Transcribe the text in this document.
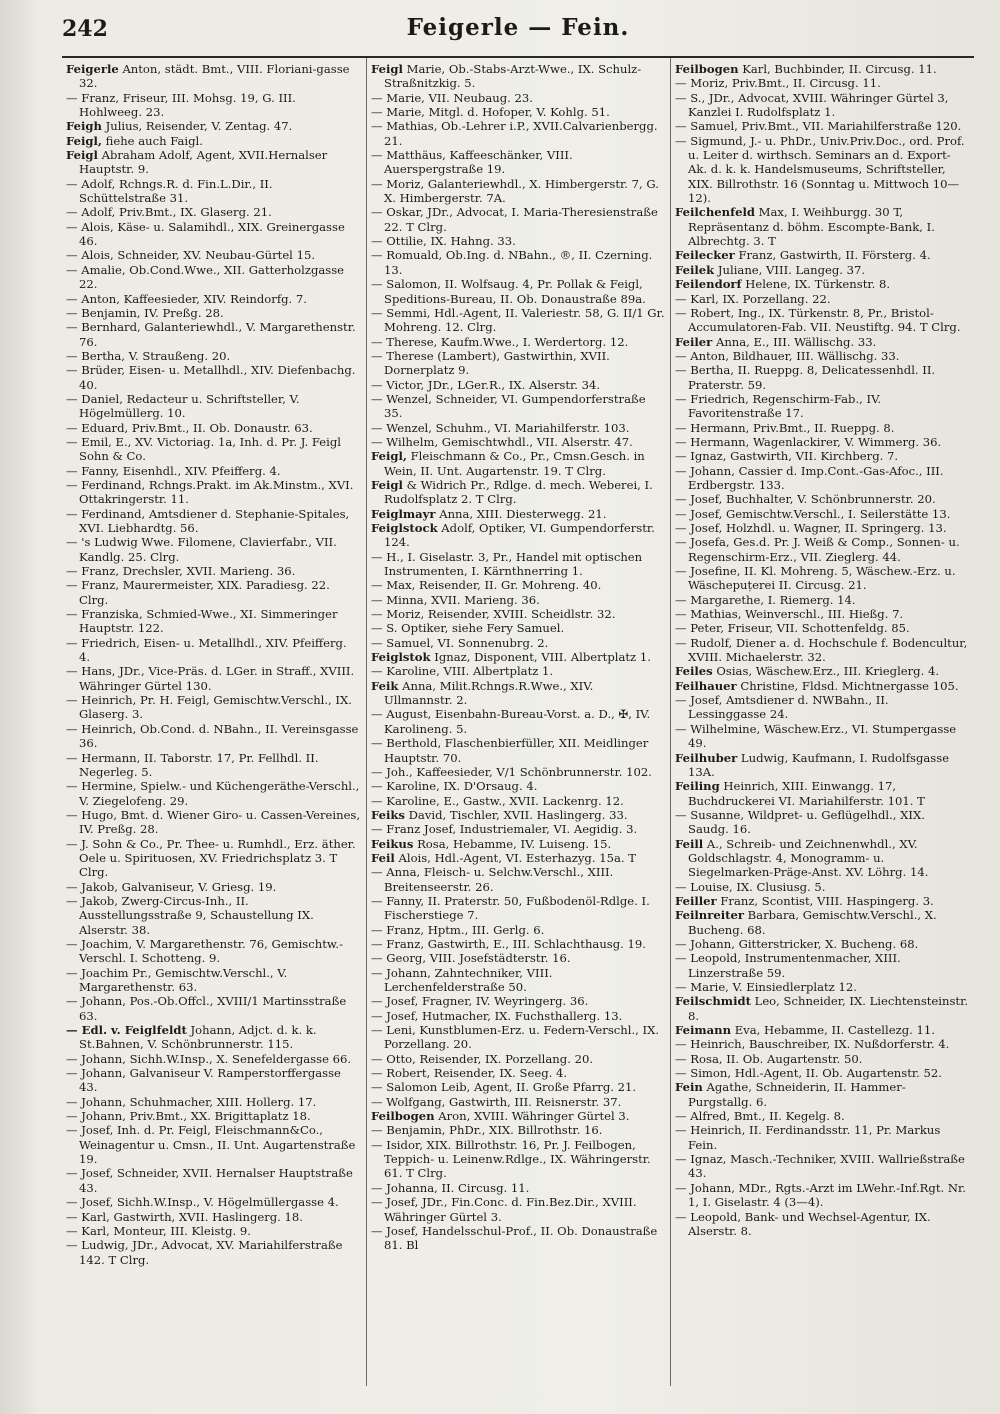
242	Feigerle — Fein.
Feigerle Anton, städt. Bmt., VIII. Floriani-gasse 32.
— Franz, Friseur, III. Mohsg. 19, G. III. Hohlweeg. 23.
Feigh Julius, Reisender, V. Zentag. 47.
Feigl, fiehe auch Faigl.
Feigl Abraham Adolf, Agent, XVII.Hernalser Hauptstr. 9.
— Adolf, Rchngs.R. d. Fin.L.Dir., II. Schüttelstraße 31.
— Adolf, Priv.Bmt., IX. Glaserg. 21.
— Alois, Käse- u. Salamihdl., XIX. Greinergasse 46.
— Alois, Schneider, XV. Neubau-Gürtel 15.
— Amalie, Ob.Cond.Wwe., XII. Gatterholzgasse 22.
— Anton, Kaffeesieder, XIV. Reindorfg. 7.
— Benjamin, IV. Preßg. 28.
— Bernhard, Galanteriewhdl., V. Margarethenstr. 76.
— Bertha, V. Straußeng. 20.
— Brüder, Eisen- u. Metallhdl., XIV. Diefenbachg. 40.
— Daniel, Redacteur u. Schriftsteller, V. Högelmüllerg. 10.
— Eduard, Priv.Bmt., II. Ob. Donaustr. 63.
— Emil, E., XV. Victoriag. 1a, Inh. d. Pr. J. Feigl Sohn & Co.
— Fanny, Eisenhdl., XIV. Pfeifferg. 4.
— Ferdinand, Rchngs.Prakt. im Ak.Minstm., XVI. Ottakringerstr. 11.
— Ferdinand, Amtsdiener d. Stephanie-Spitales, XVI. Liebhardtg. 56.
— 's Ludwig Wwe. Filomene, Clavierfabr., VII. Kandlg. 25. Clrg.
— Franz, Drechsler, XVII. Marieng. 36.
— Franz, Maurermeister, XIX. Paradiesg. 22. Clrg.
— Franziska, Schmied-Wwe., XI. Simmeringer Hauptstr. 122.
— Friedrich, Eisen- u. Metallhdl., XIV. Pfeifferg. 4.
— Hans, JDr., Vice-Präs. d. LGer. in Straff., XVIII. Währinger Gürtel 130.
— Heinrich, Pr. H. Feigl, Gemischtw.Verschl., IX. Glaserg. 3.
— Heinrich, Ob.Cond. d. NBahn., II. Vereinsgasse 36.
— Hermann, II. Taborstr. 17, Pr. Fellhdl. II. Negerleg. 5.
— Hermine, Spielw.- und Küchengeräthe-Verschl., V. Ziegelofeng. 29.
— Hugo, Bmt. d. Wiener Giro- u. Cassen-Vereines, IV. Preßg. 28.
— J. Sohn & Co., Pr. Thee- u. Rumhdl., Erz. äther. Oele u. Spirituosen, XV. Friedrichsplatz 3. T Clrg.
— Jakob, Galvaniseur, V. Griesg. 19.
— Jakob, Zwerg-Circus-Inh., II. Ausstellungsstraße 9, Schaustellung IX. Alserstr. 38.
— Joachim, V. Margarethenstr. 76, Gemischtw.-Verschl. I. Schotteng. 9.
— Joachim Pr., Gemischtw.Verschl., V. Margarethenstr. 63.
— Johann, Pos.-Ob.Offcl., XVIII/1 Martinsstraße 63.
— Edl. v. Feiglfeldt Johann, Adjct. d. k. k. St.Bahnen, V. Schönbrunnerstr. 115.
— Johann, Sichh.W.Insp., X. Senefeldergasse 66.
— Johann, Galvaniseur V. Ramperstorffergasse 43.
— Johann, Schuhmacher, XIII. Hollerg. 17.
— Johann, Priv.Bmt., XX. Brigittaplatz 18.
— Josef, Inh. d. Pr. Feigl, Fleischmann&Co., Weinagentur u. Cmsn., II. Unt. Augartenstraße 19.
— Josef, Schneider, XVII. Hernalser Hauptstraße 43.
— Josef, Sichh.W.Insp., V. Högelmüllergasse 4.
— Karl, Gastwirth, XVII. Haslingerg. 18.
— Karl, Monteur, III. Kleistg. 9.
— Ludwig, JDr., Advocat, XV. Mariahilferstraße 142. T Clrg.
Feigl Marie, Ob.-Stabs-Arzt-Wwe., IX. Schulz-Straßnitzkig. 5.
— Marie, VII. Neubaug. 23.
— Marie, Mitgl. d. Hofoper, V. Kohlg. 51.
— Mathias, Ob.-Lehrer i.P., XVII.Calvarienbergg. 21.
— Matthäus, Kaffeeschänker, VIII. Auerspergstraße 19.
— Moriz, Galanteriewhdl., X. Himbergerstr. 7, G. X. Himbergerstr. 7A.
— Oskar, JDr., Advocat, I. Maria-Theresienstraße 22. T Clrg.
— Ottilie, IX. Hahng. 33.
— Romuald, Ob.Ing. d. NBahn., ®, II. Czerning. 13.
— Salomon, II. Wolfsaug. 4, Pr. Pollak & Feigl, Speditions-Bureau, II. Ob. Donaustraße 89a.
— Semmi, Hdl.-Agent, II. Valeriestr. 58, G. II/1 Gr. Mohreng. 12. Clrg.
— Therese, Kaufm.Wwe., I. Werdertorg. 12.
— Therese (Lambert), Gastwirthin, XVII. Dornerplatz 9.
— Victor, JDr., LGer.R., IX. Alserstr. 34.
— Wenzel, Schneider, VI. Gumpendorferstraße 35.
— Wenzel, Schuhm., VI. Mariahilferstr. 103.
— Wilhelm, Gemischtwhdl., VII. Alserstr. 47.
Feigl, Fleischmann & Co., Pr., Cmsn.Gesch. in Wein, II. Unt. Augartenstr. 19. T Clrg.
Feigl & Widrich Pr., Rdlge. d. mech. Weberei, I. Rudolfsplatz 2. T Clrg.
Feiglmayr Anna, XIII. Diesterwegg. 21.
Feiglstock Adolf, Optiker, VI. Gumpendorferstr. 124.
— H., I. Giselastr. 3, Pr., Handel mit optischen Instrumenten, I. Kärnthnerring 1.
— Max, Reisender, II. Gr. Mohreng. 40.
— Minna, XVII. Marieng. 36.
— Moriz, Reisender, XVIII. Scheidlstr. 32.
— S. Optiker, siehe Fery Samuel.
— Samuel, VI. Sonnenubrg. 2.
Feiglstok Ignaz, Disponent, VIII. Albertplatz 1.
— Karoline, VIII. Albertplatz 1.
Feik Anna, Milit.Rchngs.R.Wwe., XIV. Ullmannstr. 2.
— August, Eisenbahn-Bureau-Vorst. a. D., ✠, IV. Karolineng. 5.
— Berthold, Flaschenbierfüller, XII. Meidlinger Hauptstr. 70.
— Joh., Kaffeesieder, V/1 Schönbrunnerstr. 102.
— Karoline, IX. D'Orsaug. 4.
— Karoline, E., Gastw., XVII. Lackenrg. 12.
Feiks David, Tischler, XVII. Haslingerg. 33.
— Franz Josef, Industriemaler, VI. Aegidig. 3.
Feikus Rosa, Hebamme, IV. Luiseng. 15.
Feil Alois, Hdl.-Agent, VI. Esterhazyg. 15a. T
— Anna, Fleisch- u. Selchw.Verschl., XIII. Breitenseerstr. 26.
— Fanny, II. Praterstr. 50, Fußbodenöl-Rdlge. I. Fischerstiege 7.
— Franz, Hptm., III. Gerlg. 6.
— Franz, Gastwirth, E., III. Schlachthausg. 19.
— Georg, VIII. Josefstädterstr. 16.
— Johann, Zahntechniker, VIII. Lerchenfelderstraße 50.
— Josef, Fragner, IV. Weyringerg. 36.
— Josef, Hutmacher, IX. Fuchsthallerg. 13.
— Leni, Kunstblumen-Erz. u. Federn-Verschl., IX. Porzellang. 20.
— Otto, Reisender, IX. Porzellang. 20.
— Robert, Reisender, IX. Seeg. 4.
— Salomon Leib, Agent, II. Große Pfarrg. 21.
— Wolfgang, Gastwirth, III. Reisnerstr. 37.
Feilbogen Aron, XVIII. Währinger Gürtel 3.
— Benjamin, PhDr., XIX. Billrothstr. 16.
— Isidor, XIX. Billrothstr. 16, Pr. J. Feilbogen, Teppich- u. Leinenw.Rdlge., IX. Währingerstr. 61. T Clrg.
— Johanna, II. Circusg. 11.
— Josef, JDr., Fin.Conc. d. Fin.Bez.Dir., XVIII. Währinger Gürtel 3.
— Josef, Handelsschul-Prof., II. Ob. Donaustraße 81. Bl
Feilbogen Karl, Buchbinder, II. Circusg. 11.
— Moriz, Priv.Bmt., II. Circusg. 11.
— S., JDr., Advocat, XVIII. Währinger Gürtel 3, Kanzlei I. Rudolfsplatz 1.
— Samuel, Priv.Bmt., VII. Mariahilferstraße 120.
— Sigmund, J.- u. PhDr., Univ.Priv.Doc., ord. Prof. u. Leiter d. wirthsch. Seminars an d. Export-Ak. d. k. k. Handelsmuseums, Schriftsteller, XIX. Billrothstr. 16 (Sonntag u. Mittwoch 10—12).
Feilchenfeld Max, I. Weihburgg. 30 T, Repräsentanz d. böhm. Escompte-Bank, I. Albrechtg. 3. T
Feilecker Franz, Gastwirth, II. Försterg. 4.
Feilek Juliane, VIII. Langeg. 37.
Feilendorf Helene, IX. Türkenstr. 8.
— Karl, IX. Porzellang. 22.
— Robert, Ing., IX. Türkenstr. 8, Pr., Bristol-Accumulatoren-Fab. VII. Neustiftg. 94. T Clrg.
Feiler Anna, E., III. Wällischg. 33.
— Anton, Bildhauer, III. Wällischg. 33.
— Bertha, II. Rueppg. 8, Delicatessenhdl. II. Praterstr. 59.
— Friedrich, Regenschirm-Fab., IV. Favoritenstraße 17.
— Hermann, Priv.Bmt., II. Rueppg. 8.
— Hermann, Wagenlackirer, V. Wimmerg. 36.
— Ignaz, Gastwirth, VII. Kirchberg. 7.
— Johann, Cassier d. Imp.Cont.-Gas-Afoc., III. Erdbergstr. 133.
— Josef, Buchhalter, V. Schönbrunnerstr. 20.
— Josef, Gemischtw.Verschl., I. Seilerstätte 13.
— Josef, Holzhdl. u. Wagner, II. Springerg. 13.
— Josefa, Ges.d. Pr. J. Weiß & Comp., Sonnen- u. Regenschirm-Erz., VII. Zieglerg. 44.
— Josefine, II. Kl. Mohreng. 5, Wäschew.-Erz. u. Wäschepuțerei II. Circusg. 21.
— Margarethe, I. Riemerg. 14.
— Mathias, Weinverschl., III. Hießg. 7.
— Peter, Friseur, VII. Schottenfeldg. 85.
— Rudolf, Diener a. d. Hochschule f. Bodencultur, XVIII. Michaelerstr. 32.
Feiles Osias, Wäschew.Erz., III. Krieglerg. 4.
Feilhauer Christine, Fldsd. Michtnergasse 105.
— Josef, Amtsdiener d. NWBahn., II. Lessinggasse 24.
— Wilhelmine, Wäschew.Erz., VI. Stumpergasse 49.
Feilhuber Ludwig, Kaufmann, I. Rudolfsgasse 13A.
Feiling Heinrich, XIII. Einwangg. 17, Buchdruckerei VI. Mariahilferstr. 101. T
— Susanne, Wildpret- u. Geflügelhdl., XIX. Saudg. 16.
Feill A., Schreib- und Zeichnenwhdl., XV. Goldschlagstr. 4, Monogramm- u. Siegelmarken-Präge-Anst. XV. Löhrg. 14.
— Louise, IX. Clusiusg. 5.
Feiller Franz, Scontist, VIII. Haspingerg. 3.
Feilnreiter Barbara, Gemischtw.Verschl., X. Bucheng. 68.
— Johann, Gitterstricker, X. Bucheng. 68.
— Leopold, Instrumentenmacher, XIII. Linzerstraße 59.
— Marie, V. Einsiedlerplatz 12.
Feilschmidt Leo, Schneider, IX. Liechtensteinstr. 8.
Feimann Eva, Hebamme, II. Castellezg. 11.
— Heinrich, Bauschreiber, IX. Nußdorferstr. 4.
— Rosa, II. Ob. Augartenstr. 50.
— Simon, Hdl.-Agent, II. Ob. Augartenstr. 52.
Fein Agathe, Schneiderin, II. Hammer-Purgstallg. 6.
— Alfred, Bmt., II. Kegelg. 8.
— Heinrich, II. Ferdinandsstr. 11, Pr. Markus Fein.
— Ignaz, Masch.-Techniker, XVIII. Wallrießstraße 43.
— Johann, MDr., Rgts.-Arzt im LWehr.-Inf.Rgt. Nr. 1, I. Giselastr. 4 (3—4).
— Leopold, Bank- und Wechsel-Agentur, IX. Alserstr. 8.
